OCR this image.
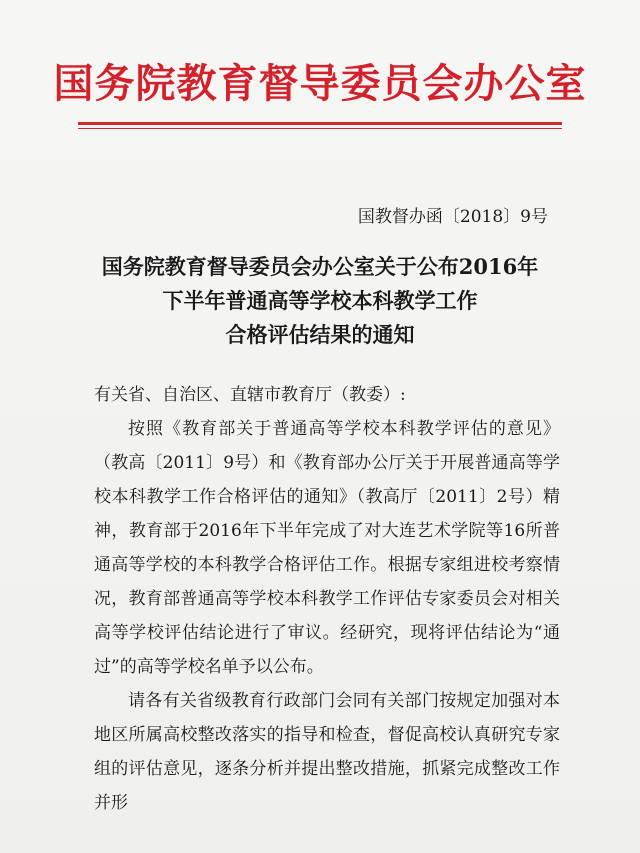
国务院教育督导委员会办公室
国教督办函〔2018〕9号
国务院教育督导委员会办公室关于公布2016年
下半年普通高等学校本科教学工作
合格评估结果的通知

有关省、自治区、直辖市教育厅（教委）:

按照《教育部关于普通高等学校本科教学评估的意见》（教高〔2011〕9号）和《教育部办公厅关于开展普通高等学校本科教学工作合格评估的通知》（教高厅〔2011〕2号）精神，教育部于2016年下半年完成了对大连艺术学院等16所普通高等学校的本科教学合格评估工作。根据专家组进校考察情况，教育部普通高等学校本科教学工作评估专家委员会对相关高等学校评估结论进行了审议。经研究，现将评估结论为“通过”的高等学校名单予以公布。

请各有关省级教育行政部门会同有关部门按规定加强对本地区所属高校整改落实的指导和检查，督促高校认真研究专家组的评估意见，逐条分析并提出整改措施，抓紧完成整改工作并形
